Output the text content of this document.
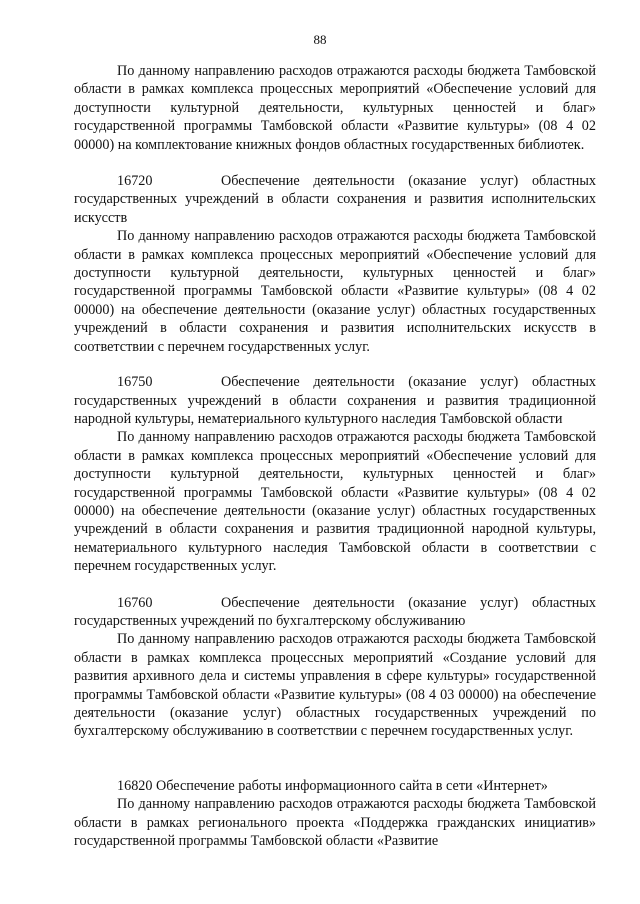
88

По данному направлению расходов отражаются расходы бюджета Тамбовской области в рамках комплекса процессных мероприятий «Обеспечение условий для доступности культурной деятельности, культурных ценностей и благ» государственной программы Тамбовской области «Развитие культуры» (08 4 02 00000) на комплектование книжных фондов областных государственных библиотек.

16720	Обеспечение деятельности (оказание услуг) областных государственных учреждений в области сохранения и развития исполнительских искусств

По данному направлению расходов отражаются расходы бюджета Тамбовской области в рамках комплекса процессных мероприятий «Обеспечение условий для доступности культурной деятельности, культурных ценностей и благ» государственной программы Тамбовской области «Развитие культуры» (08 4 02 00000) на обеспечение деятельности (оказание услуг) областных государственных учреждений в области сохранения и развития исполнительских искусств в соответствии с перечнем государственных услуг.

16750	Обеспечение деятельности (оказание услуг) областных государственных учреждений в области сохранения и развития традиционной народной культуры, нематериального культурного наследия Тамбовской области

По данному направлению расходов отражаются расходы бюджета Тамбовской области в рамках комплекса процессных мероприятий «Обеспечение условий для доступности культурной деятельности, культурных ценностей и благ» государственной программы Тамбовской области «Развитие культуры» (08 4 02 00000) на обеспечение деятельности (оказание услуг) областных государственных учреждений в области сохранения и развития традиционной народной культуры, нематериального культурного наследия Тамбовской области в соответствии с перечнем государственных услуг.

16760	Обеспечение деятельности (оказание услуг) областных государственных учреждений по бухгалтерскому обслуживанию

По данному направлению расходов отражаются расходы бюджета Тамбовской области в рамках комплекса процессных мероприятий «Создание условий для развития архивного дела и системы управления в сфере культуры» государственной программы Тамбовской области «Развитие культуры» (08 4 03 00000) на обеспечение деятельности (оказание услуг) областных государственных учреждений по бухгалтерскому обслуживанию в соответствии с перечнем государственных услуг.

16820 Обеспечение работы информационного сайта в сети «Интернет»

По данному направлению расходов отражаются расходы бюджета Тамбовской области в рамках регионального проекта «Поддержка гражданских инициатив» государственной программы Тамбовской области «Развитие
